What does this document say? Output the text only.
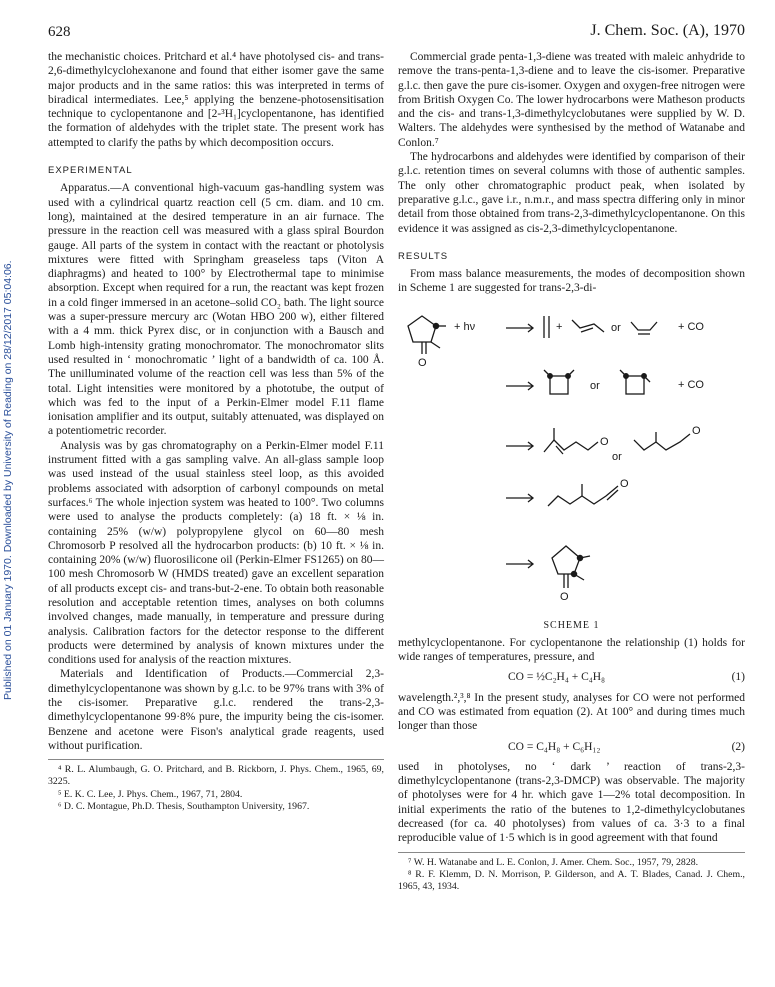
Published on 01 January 1970. Downloaded by University of Reading on 28/12/2017 05:04:06.
628	J. Chem. Soc. (A), 1970

the mechanistic choices. Pritchard et al.⁴ have photolysed cis- and trans-2,6-dimethylcyclohexanone and found that either isomer gave the same major products and in the same ratios: this was interpreted in terms of biradical intermediates. Lee,⁵ applying the benzene-photosensitisation technique to cyclopentanone and [2-³H₁]cyclopentanone, has identified the formation of aldehydes with the triplet state. The present work has attempted to clarify the paths by which decomposition occurs.

EXPERIMENTAL

Apparatus.—A conventional high-vacuum gas-handling system was used with a cylindrical quartz reaction cell (5 cm. diam. and 10 cm. long), maintained at the desired temperature in an air furnace. The pressure in the reaction cell was measured with a glass spiral Bourdon gauge. All parts of the system in contact with the reactant or photolysis mixtures were fitted with Springham greaseless taps (Viton A diaphragms) and heated to 100° by Electrothermal tape to minimise absorption. Except when required for a run, the reactant was kept frozen in a cold finger immersed in an acetone–solid CO₂ bath. The light source was a super-pressure mercury arc (Wotan HBO 200 w), either filtered with a 4 mm. thick Pyrex disc, or in conjunction with a Bausch and Lomb high-intensity grating monochromator. The monochromator slits used resulted in ‘ monochromatic ’ light of a bandwidth of ca. 100 Å. The unilluminated volume of the reaction cell was less than 5% of the total. Light intensities were monitored by a phototube, the output of which was fed to the input of a Perkin-Elmer model F.11 flame ionisation amplifier and its output, suitably attenuated, was displayed on a potentiometric recorder.

Analysis was by gas chromatography on a Perkin-Elmer model F.11 instrument fitted with a gas sampling valve. An all-glass sample loop was used instead of the usual stainless steel loop, as this avoided problems associated with adsorption of carbonyl compounds on metal surfaces.⁶ The whole injection system was heated to 100°. Two columns were used to analyse the products completely: (a) 18 ft. × ⅛ in. containing 25% (w/w) polypropylene glycol on 60—80 mesh Chromosorb P resolved all the hydrocarbon products: (b) 10 ft. × ⅛ in. containing 20% (w/w) fluorosilicone oil (Perkin-Elmer FS1265) on 80—100 mesh Chromosorb W (HMDS treated) gave an excellent separation of all products except cis- and trans-but-2-ene. To obtain both reasonable resolution and acceptable retention times, analyses on both columns involved changes, made manually, in temperature and pressure during analysis. Calibration factors for the detector response to the different products were determined by analysis of known mixtures under the conditions used for analysis of the reaction mixtures.

Materials and Identification of Products.—Commercial 2,3-dimethylcyclopentanone was shown by g.l.c. to be 97% trans with 3% of the cis-isomer. Preparative g.l.c. rendered the trans-2,3-dimethylcyclopentanone 99·8% pure, the impurity being the cis-isomer. Benzene and acetone were Fison's analytical grade reagents, used without purification.

⁴ R. L. Alumbaugh, G. O. Pritchard, and B. Rickborn, J. Phys. Chem., 1965, 69, 3225.

⁵ E. K. C. Lee, J. Phys. Chem., 1967, 71, 2804.

⁶ D. C. Montague, Ph.D. Thesis, Southampton University, 1967.

Commercial grade penta-1,3-diene was treated with maleic anhydride to remove the trans-penta-1,3-diene and to leave the cis-isomer. Preparative g.l.c. then gave the pure cis-isomer. Oxygen and oxygen-free nitrogen were from British Oxygen Co. The lower hydrocarbons were Matheson products and the cis- and trans-1,3-dimethylcyclobutanes were supplied by W. D. Walters. The aldehydes were synthesised by the method of Watanabe and Conlon.⁷

The hydrocarbons and aldehydes were identified by comparison of their g.l.c. retention times on several columns with those of authentic samples. The only other chromatographic product peak, when isolated by preparative g.l.c., gave i.r., n.m.r., and mass spectra differing only in minor detail from those obtained from trans-2,3-dimethylcyclopentanone. On this evidence it was assigned as cis-2,3-dimethylcyclopentanone.

RESULTS

From mass balance measurements, the modes of decomposition shown in Scheme 1 are suggested for trans-2,3-di-

+ hν	+	or	+ CO
O
or	+ CO
O
or
O
O
O
SCHEME 1

methylcyclopentanone. For cyclopentanone the relationship (1) holds for wide ranges of temperatures, pressure, and

CO = ½C₂H₄ + C₄H₈	(1)

wavelength.²,³,⁸ In the present study, analyses for CO were not performed and CO was estimated from equation (2). At 100° and during times much longer than those

CO = C₄H₈ + C₆H₁₂	(2)

used in photolyses, no ‘ dark ’ reaction of trans-2,3-dimethylcyclopentanone (trans-2,3-DMCP) was observable. The majority of photolyses were for 4 hr. which gave 1—2% total decomposition. In initial experiments the ratio of the butenes to 1,2-dimethylcyclobutanes decreased (for ca. 40 photolyses) from values of ca. 3·3 to a final reproducible value of 1·5 which is in good agreement with that found

⁷ W. H. Watanabe and L. E. Conlon, J. Amer. Chem. Soc., 1957, 79, 2828.

⁸ R. F. Klemm, D. N. Morrison, P. Gilderson, and A. T. Blades, Canad. J. Chem., 1965, 43, 1934.
